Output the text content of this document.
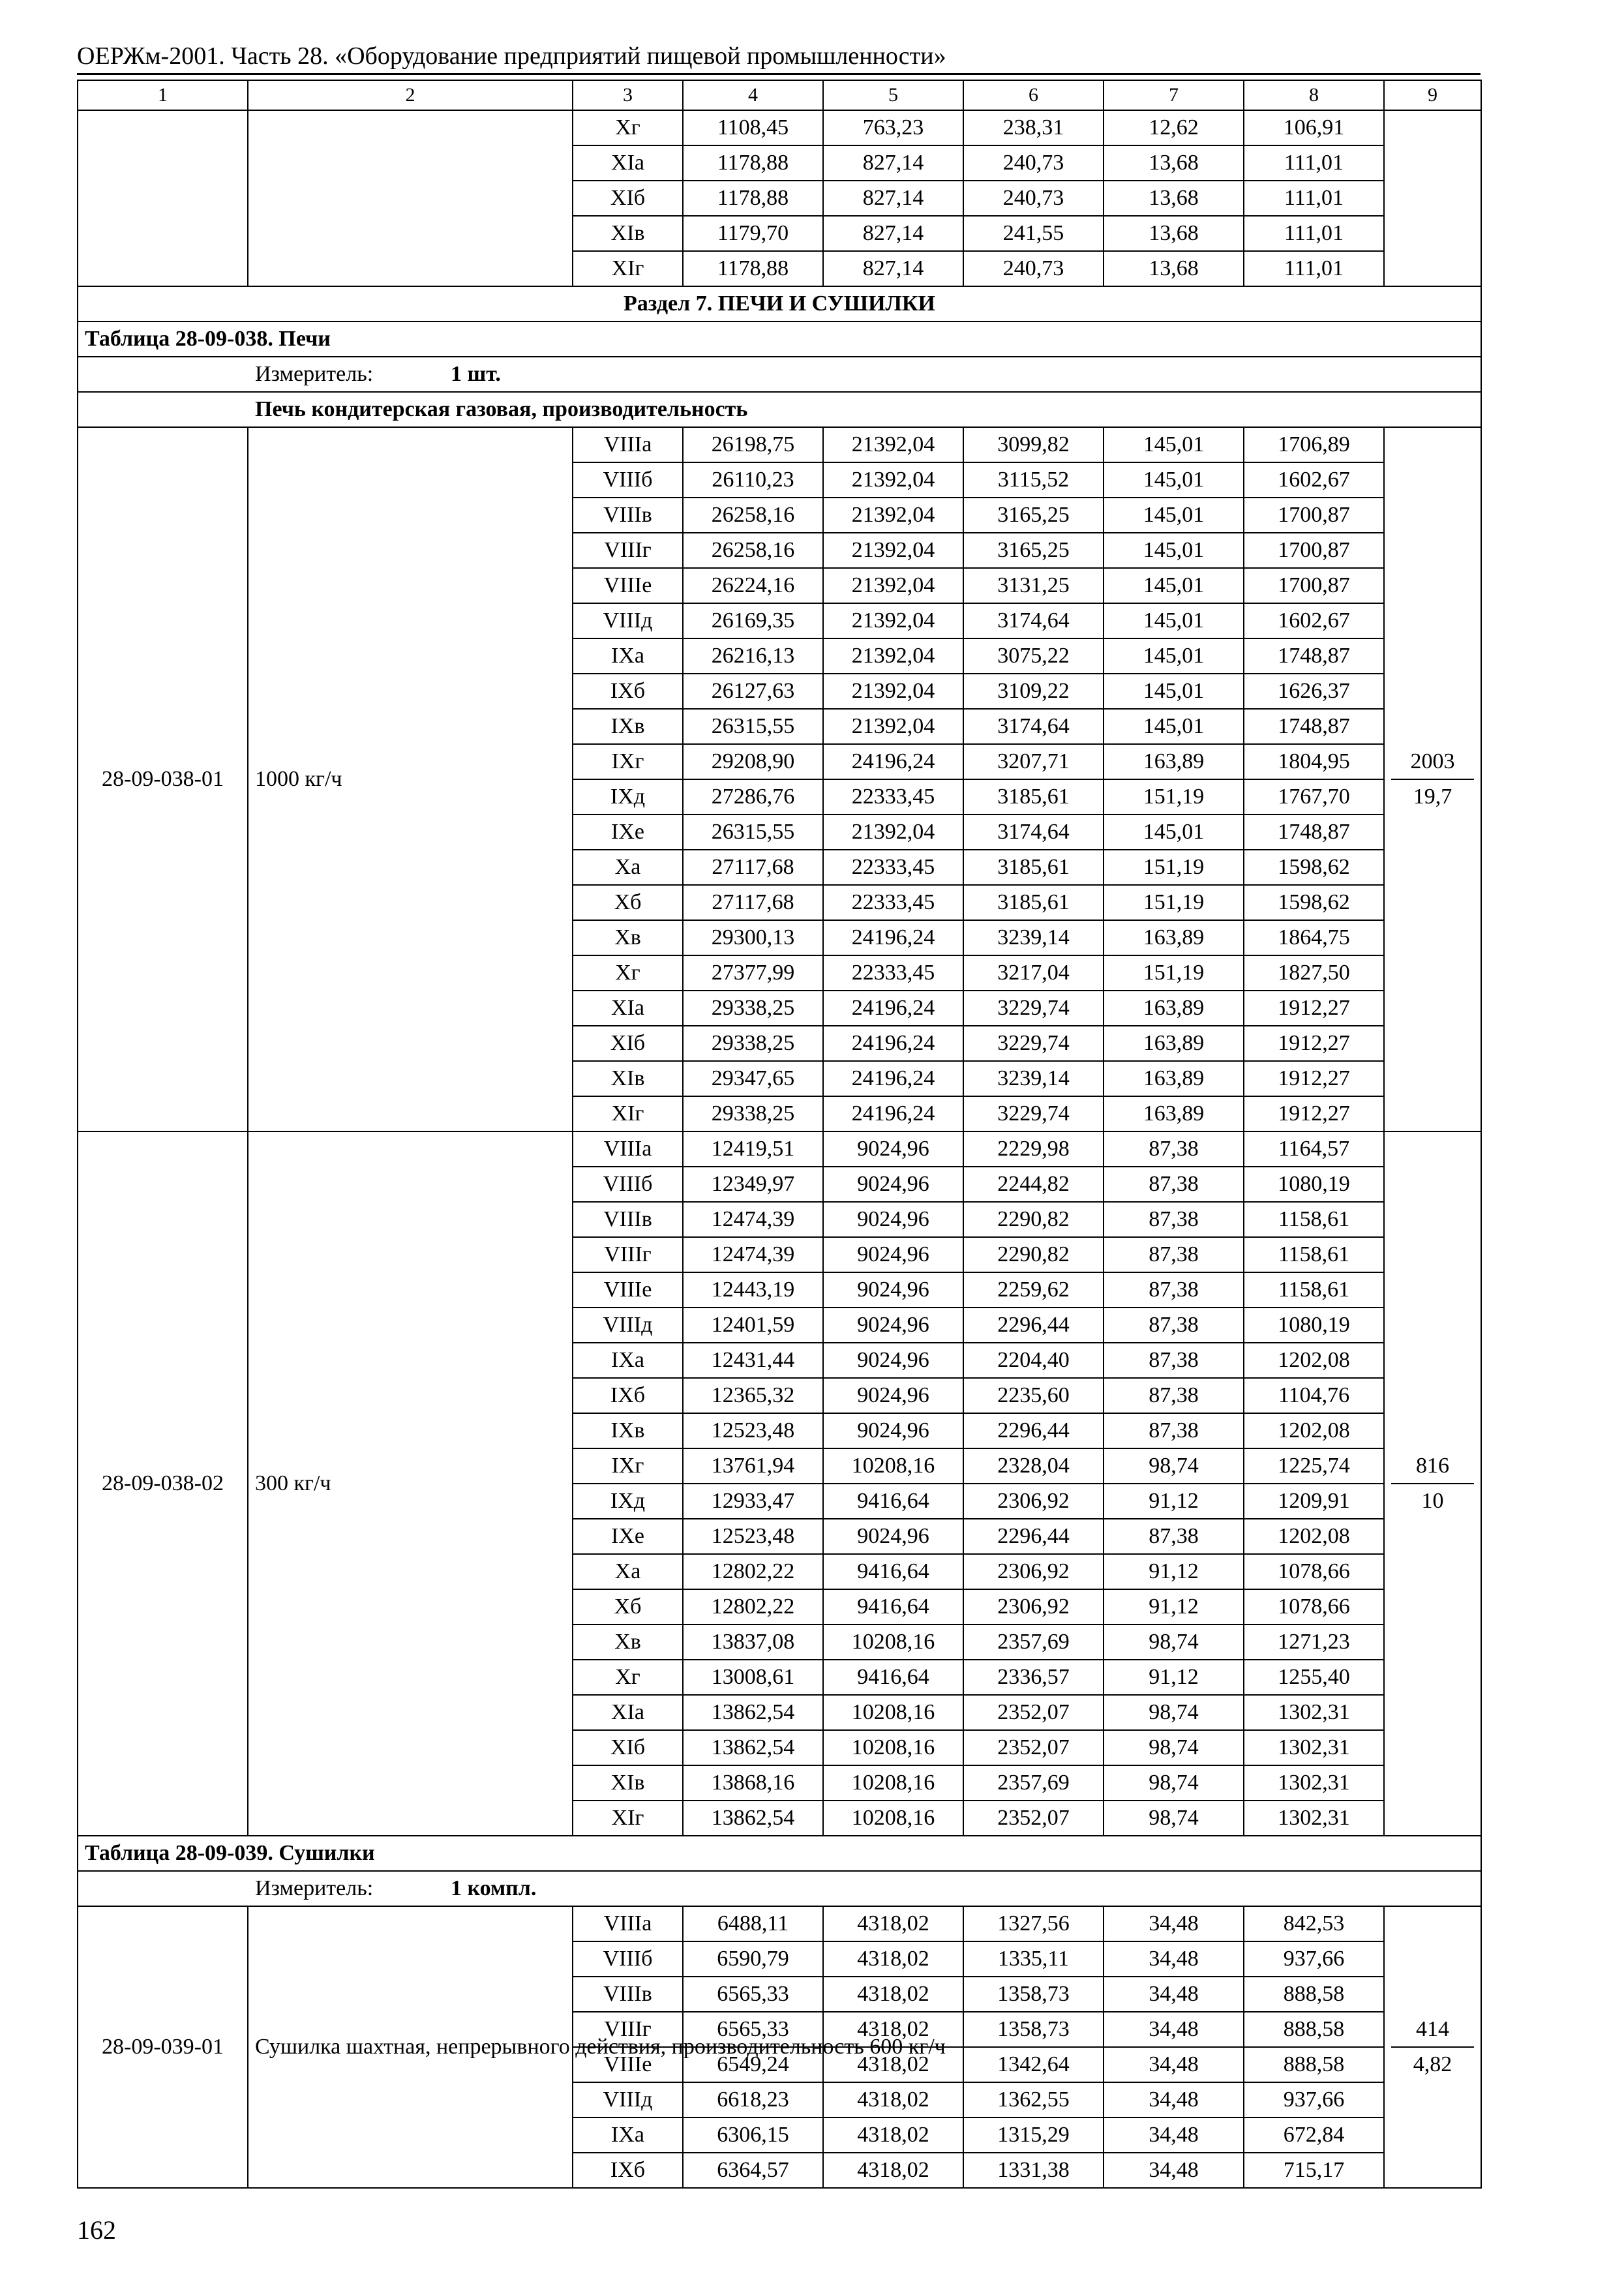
ОЕРЖм-2001. Часть 28. «Оборудование предприятий пищевой промышленности»
1	2	3	4	5	6	7	8	9
		Хг	1108,45	763,23	238,31	12,62	106,91	
		ХIа	1178,88	827,14	240,73	13,68	111,01	
		ХIб	1178,88	827,14	240,73	13,68	111,01	
		ХIв	1179,70	827,14	241,55	13,68	111,01	
		ХIг	1178,88	827,14	240,73	13,68	111,01	
Раздел 7. ПЕЧИ И СУШИЛКИ								
Таблица 28-09-038. Печи								
Измеритель: 1 шт.								
Печь кондитерская газовая, производительность								
28-09-038-01	1000 кг/ч	VIIIа	26198,75	21392,04	3099,82	145,01	1706,89	2003
19,7

		VIIIб	26110,23	21392,04	3115,52	145,01	1602,67	
		VIIIв	26258,16	21392,04	3165,25	145,01	1700,87	
		VIIIг	26258,16	21392,04	3165,25	145,01	1700,87	
		VIIIе	26224,16	21392,04	3131,25	145,01	1700,87	
		VIIIд	26169,35	21392,04	3174,64	145,01	1602,67	
		IХа	26216,13	21392,04	3075,22	145,01	1748,87	
		IХб	26127,63	21392,04	3109,22	145,01	1626,37	
		IХв	26315,55	21392,04	3174,64	145,01	1748,87	
		IХг	29208,90	24196,24	3207,71	163,89	1804,95	
		IХд	27286,76	22333,45	3185,61	151,19	1767,70	
		IХе	26315,55	21392,04	3174,64	145,01	1748,87	
		Ха	27117,68	22333,45	3185,61	151,19	1598,62	
		Хб	27117,68	22333,45	3185,61	151,19	1598,62	
		Хв	29300,13	24196,24	3239,14	163,89	1864,75	
		Хг	27377,99	22333,45	3217,04	151,19	1827,50	
		ХIа	29338,25	24196,24	3229,74	163,89	1912,27	
		ХIб	29338,25	24196,24	3229,74	163,89	1912,27	
		ХIв	29347,65	24196,24	3239,14	163,89	1912,27	
		ХIг	29338,25	24196,24	3229,74	163,89	1912,27	
28-09-038-02	300 кг/ч	VIIIа	12419,51	9024,96	2229,98	87,38	1164,57	816
10

		VIIIб	12349,97	9024,96	2244,82	87,38	1080,19	
		VIIIв	12474,39	9024,96	2290,82	87,38	1158,61	
		VIIIг	12474,39	9024,96	2290,82	87,38	1158,61	
		VIIIе	12443,19	9024,96	2259,62	87,38	1158,61	
		VIIIд	12401,59	9024,96	2296,44	87,38	1080,19	
		IХа	12431,44	9024,96	2204,40	87,38	1202,08	
		IХб	12365,32	9024,96	2235,60	87,38	1104,76	
		IХв	12523,48	9024,96	2296,44	87,38	1202,08	
		IХг	13761,94	10208,16	2328,04	98,74	1225,74	
		IХд	12933,47	9416,64	2306,92	91,12	1209,91	
		IХе	12523,48	9024,96	2296,44	87,38	1202,08	
		Ха	12802,22	9416,64	2306,92	91,12	1078,66	
		Хб	12802,22	9416,64	2306,92	91,12	1078,66	
		Хв	13837,08	10208,16	2357,69	98,74	1271,23	
		Хг	13008,61	9416,64	2336,57	91,12	1255,40	
		ХIа	13862,54	10208,16	2352,07	98,74	1302,31	
		ХIб	13862,54	10208,16	2352,07	98,74	1302,31	
		ХIв	13868,16	10208,16	2357,69	98,74	1302,31	
		ХIг	13862,54	10208,16	2352,07	98,74	1302,31	
Таблица 28-09-039. Сушилки								
Измеритель: 1 компл.								
28-09-039-01	Сушилка шахтная, непрерывного действия, производительность 600 кг/ч	VIIIа	6488,11	4318,02	1327,56	34,48	842,53	414
4,82

		VIIIб	6590,79	4318,02	1335,11	34,48	937,66	
		VIIIв	6565,33	4318,02	1358,73	34,48	888,58	
		VIIIг	6565,33	4318,02	1358,73	34,48	888,58	
		VIIIе	6549,24	4318,02	1342,64	34,48	888,58	
		VIIIд	6618,23	4318,02	1362,55	34,48	937,66	
		IХа	6306,15	4318,02	1315,29	34,48	672,84	
		IХб	6364,57	4318,02	1331,38	34,48	715,17	
162
